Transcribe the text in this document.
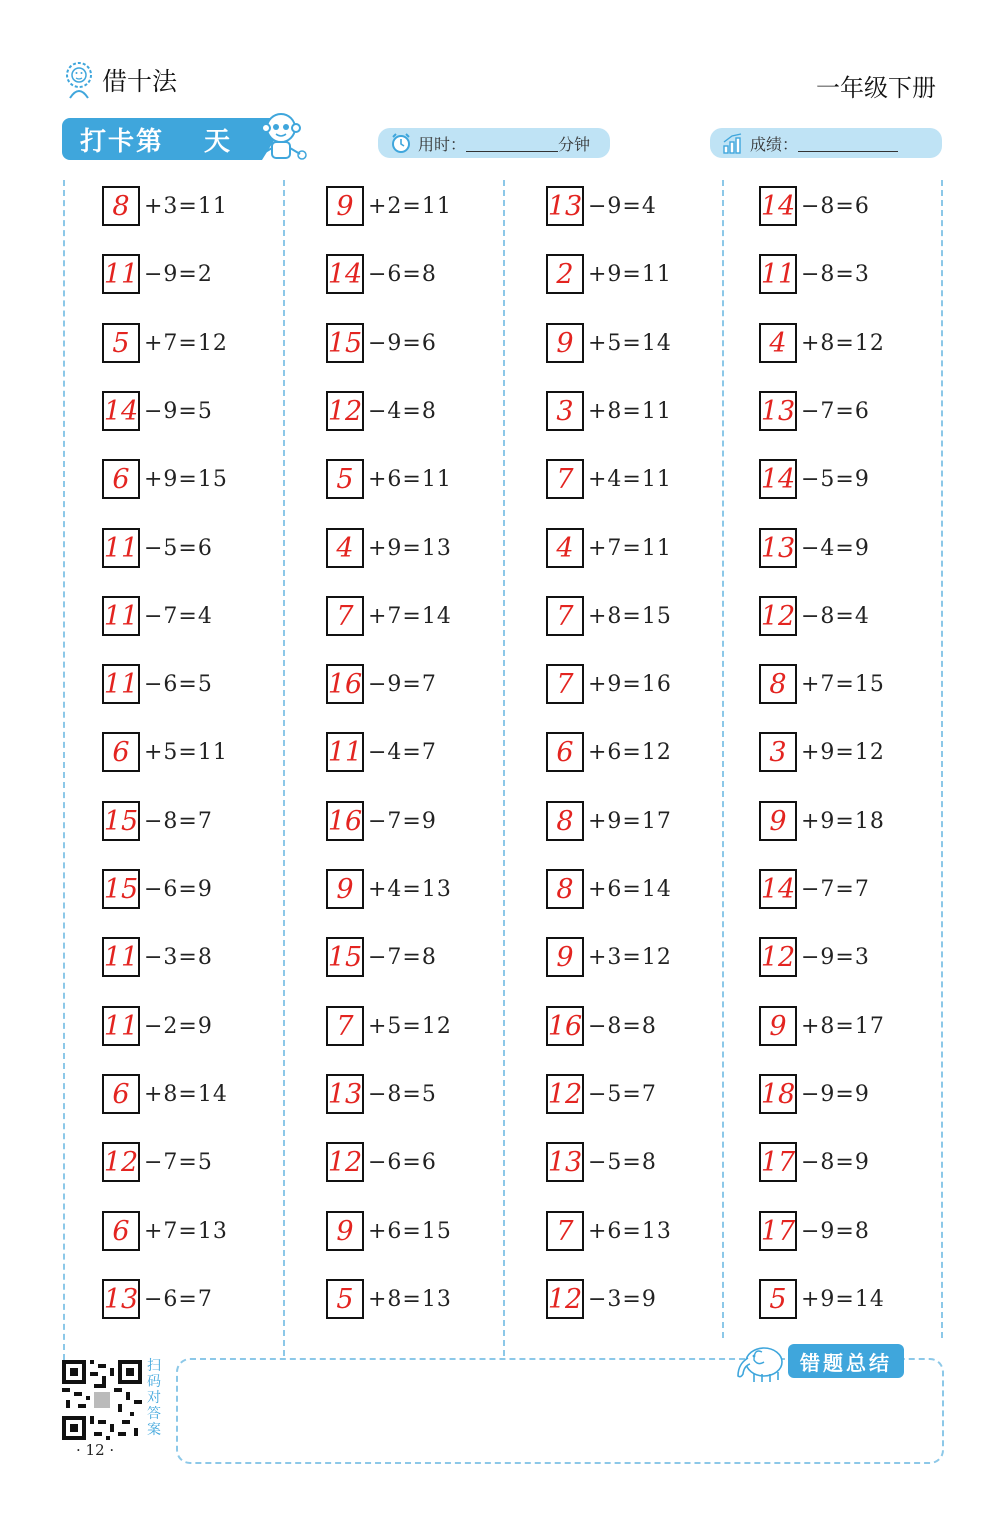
借十法	一年级下册
打卡第 天	用时：	分钟	成绩：
8 +3=11
11 −9=2
5 +7=12
14 −9=5
6 +9=15
11 −5=6
11 −7=4
11 −6=5
6 +5=11
15 −8=7
15 −6=9
11 −3=8
11 −2=9
6 +8=14
12 −7=5
6 +7=13
13 −6=7
9 +2=11
14 −6=8
15 −9=6
12 −4=8
5 +6=11
4 +9=13
7 +7=14
16 −9=7
11 −4=7
16 −7=9
9 +4=13
15 −7=8
7 +5=12
13 −8=5
12 −6=6
9 +6=15
5 +8=13
13 −9=4
2 +9=11
9 +5=14
3 +8=11
7 +4=11
4 +7=11
7 +8=15
7 +9=16
6 +6=12
8 +9=17
8 +6=14
9 +3=12
16 −8=8
12 −5=7
13 −5=8
7 +6=13
12 −3=9
14 −8=6
11 −8=3
4 +8=12
13 −7=6
14 −5=9
13 −4=9
12 −8=4
8 +7=15
3 +9=12
9 +9=18
14 −7=7
12 −9=3
9 +8=17
18 −9=9
17 −8=9
17 −9=8
5 +9=14
错题总结
扫码对答案
· 12 ·
